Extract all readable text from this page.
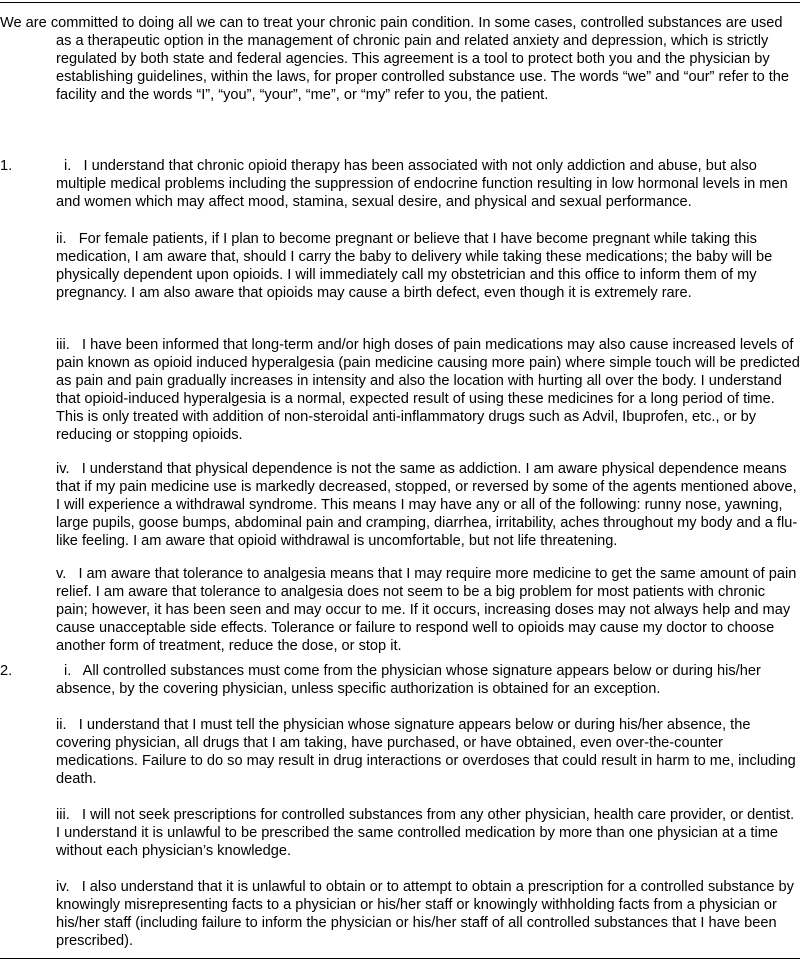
We are committed to doing all we can to treat your chronic pain condition. In some cases, controlled substances are used as a therapeutic option in the management of chronic pain and related anxiety and depression, which is strictly regulated by both state and federal agencies. This agreement is a tool to protect both you and the physician by establishing guidelines, within the laws, for proper controlled substance use. The words “we” and “our” refer to the facility and the words “I”, “you”, “your”, “me”, or “my” refer to you, the patient.

1.	i. I understand that chronic opioid therapy has been associated with not only addiction and abuse, but also multiple medical problems including the suppression of endocrine function resulting in low hormonal levels in men and women which may affect mood, stamina, sexual desire, and physical and sexual performance.

ii. For female patients, if I plan to become pregnant or believe that I have become pregnant while taking this medication, I am aware that, should I carry the baby to delivery while taking these medications; the baby will be physically dependent upon opioids. I will immediately call my obstetrician and this office to inform them of my pregnancy. I am also aware that opioids may cause a birth defect, even though it is extremely rare.

iii. I have been informed that long-term and/or high doses of pain medications may also cause increased levels of pain known as opioid induced hyperalgesia (pain medicine causing more pain) where simple touch will be predicted as pain and pain gradually increases in intensity and also the location with hurting all over the body. I understand that opioid-induced hyperalgesia is a normal, expected result of using these medicines for a long period of time. This is only treated with addition of non-steroidal anti-inflammatory drugs such as Advil, Ibuprofen, etc., or by reducing or stopping opioids.

iv. I understand that physical dependence is not the same as addiction. I am aware physical dependence means that if my pain medicine use is markedly decreased, stopped, or reversed by some of the agents mentioned above, I will experience a withdrawal syndrome. This means I may have any or all of the following: runny nose, yawning, large pupils, goose bumps, abdominal pain and cramping, diarrhea, irritability, aches throughout my body and a flu-like feeling. I am aware that opioid withdrawal is uncomfortable, but not life threatening.

v. I am aware that tolerance to analgesia means that I may require more medicine to get the same amount of pain relief. I am aware that tolerance to analgesia does not seem to be a big problem for most patients with chronic pain; however, it has been seen and may occur to me. If it occurs, increasing doses may not always help and may cause unacceptable side effects. Tolerance or failure to respond well to opioids may cause my doctor to choose another form of treatment, reduce the dose, or stop it.

2.	i. All controlled substances must come from the physician whose signature appears below or during his/her absence, by the covering physician, unless specific authorization is obtained for an exception.

ii. I understand that I must tell the physician whose signature appears below or during his/her absence, the covering physician, all drugs that I am taking, have purchased, or have obtained, even over-the-counter medications. Failure to do so may result in drug interactions or overdoses that could result in harm to me, including death.

iii. I will not seek prescriptions for controlled substances from any other physician, health care provider, or dentist. I understand it is unlawful to be prescribed the same controlled medication by more than one physician at a time without each physician’s knowledge.

iv. I also understand that it is unlawful to obtain or to attempt to obtain a prescription for a controlled substance by knowingly misrepresenting facts to a physician or his/her staff or knowingly withholding facts from a physician or his/her staff (including failure to inform the physician or his/her staff of all controlled substances that I have been prescribed).
